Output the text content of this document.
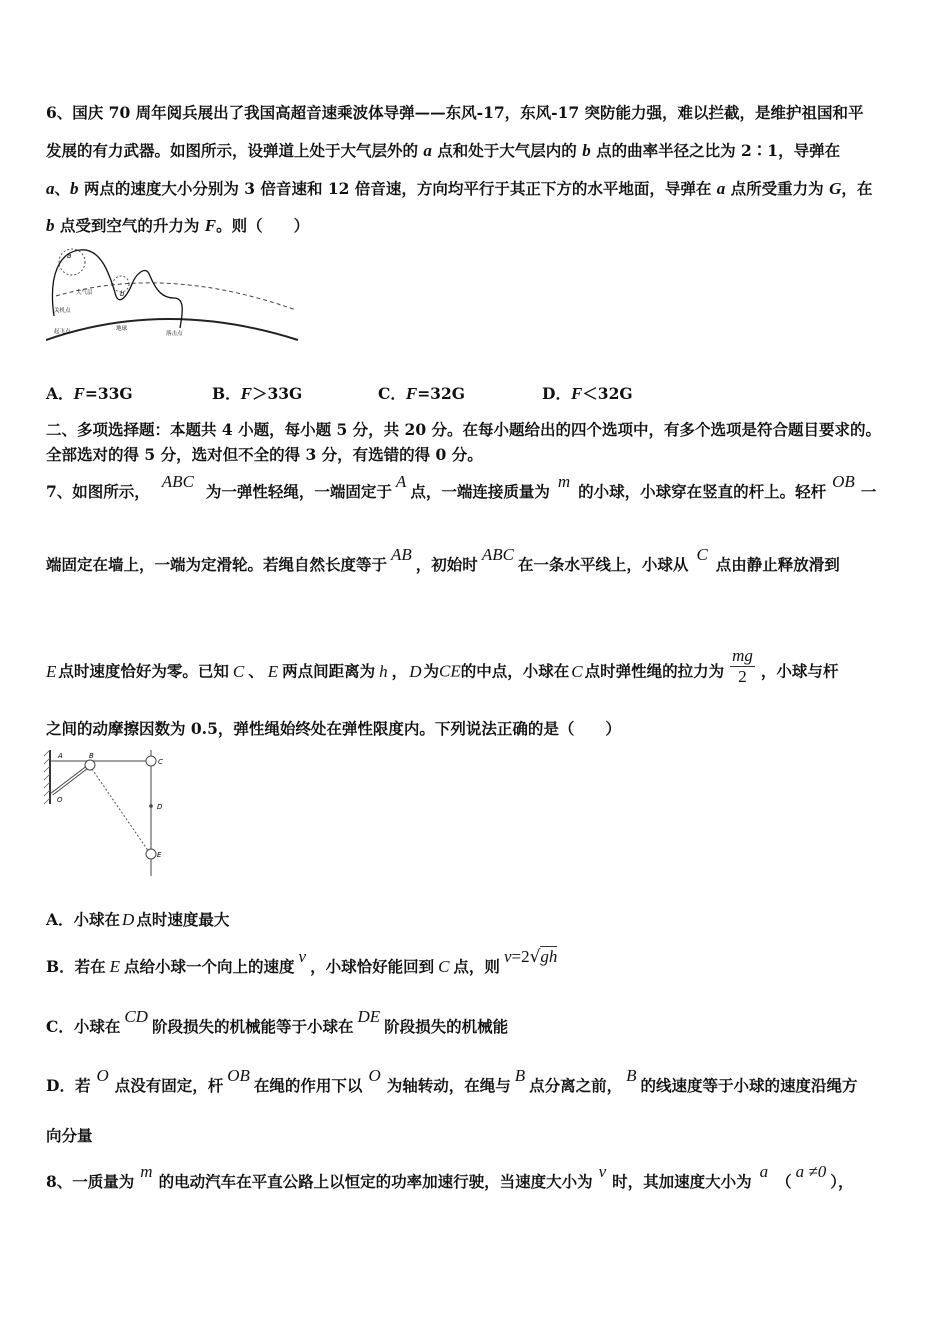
6、国庆 70 周年阅兵展出了我国高超音速乘波体导弹——东风-17，东风-17 突防能力强，难以拦截，是维护祖国和平
发展的有力武器。如图所示，设弹道上处于大气层外的 a 点和处于大气层内的 b 点的曲率半径之比为 2∶1，导弹在
a、b 两点的速度大小分别为 3 倍音速和 12 倍音速，方向均平行于其正下方的水平地面，导弹在 a 点所受重力为 G，在
b 点受到空气的升力为 F。则（　　）
a
b
大气层
关机点
起飞点	地球
落击点
A．F=33G	B．F＞33G	C．F=32G	D．F＜32G
二、多项选择题：本题共 4 小题，每小题 5 分，共 20 分。在每小题给出的四个选项中，有多个选项是符合题目要求的。
全部选对的得 5 分，选对但不全的得 3 分，有选错的得 0 分。
7、如图所示，ABC为一弹性轻绳，一端固定于A点，一端连接质量为m的小球，小球穿在竖直的杆上。轻杆OB一
端固定在墙上，一端为定滑轮。若绳自然长度等于AB，初始时ABC在一条水平线上，小球从C点由静止释放滑到
E 点时速度恰好为零。已知 C 、 E 两点间距离为 h ， D 为CE的中点，小球在 C 点时弹性绳的拉力为 $\frac{mg}{2}$ ，小球与杆
之间的动摩擦因数为 0.5，弹性绳始终处在弹性限度内。下列说法正确的是（　　）
A	B
C
D
E
O
A．小球在 D 点时速度最大
B．若在 E 点给小球一个向上的速度v，小球恰好能回到 C 点，则v=2√gh
C．小球在CD阶段损失的机械能等于小球在DE阶段损失的机械能
D．若O点没有固定，杆OB在绳的作用下以O为轴转动，在绳与B点分离之前，B的线速度等于小球的速度沿绳方
向分量
8、一质量为m的电动汽车在平直公路上以恒定的功率加速行驶，当速度大小为v时，其加速度大小为a（a ≠0），
